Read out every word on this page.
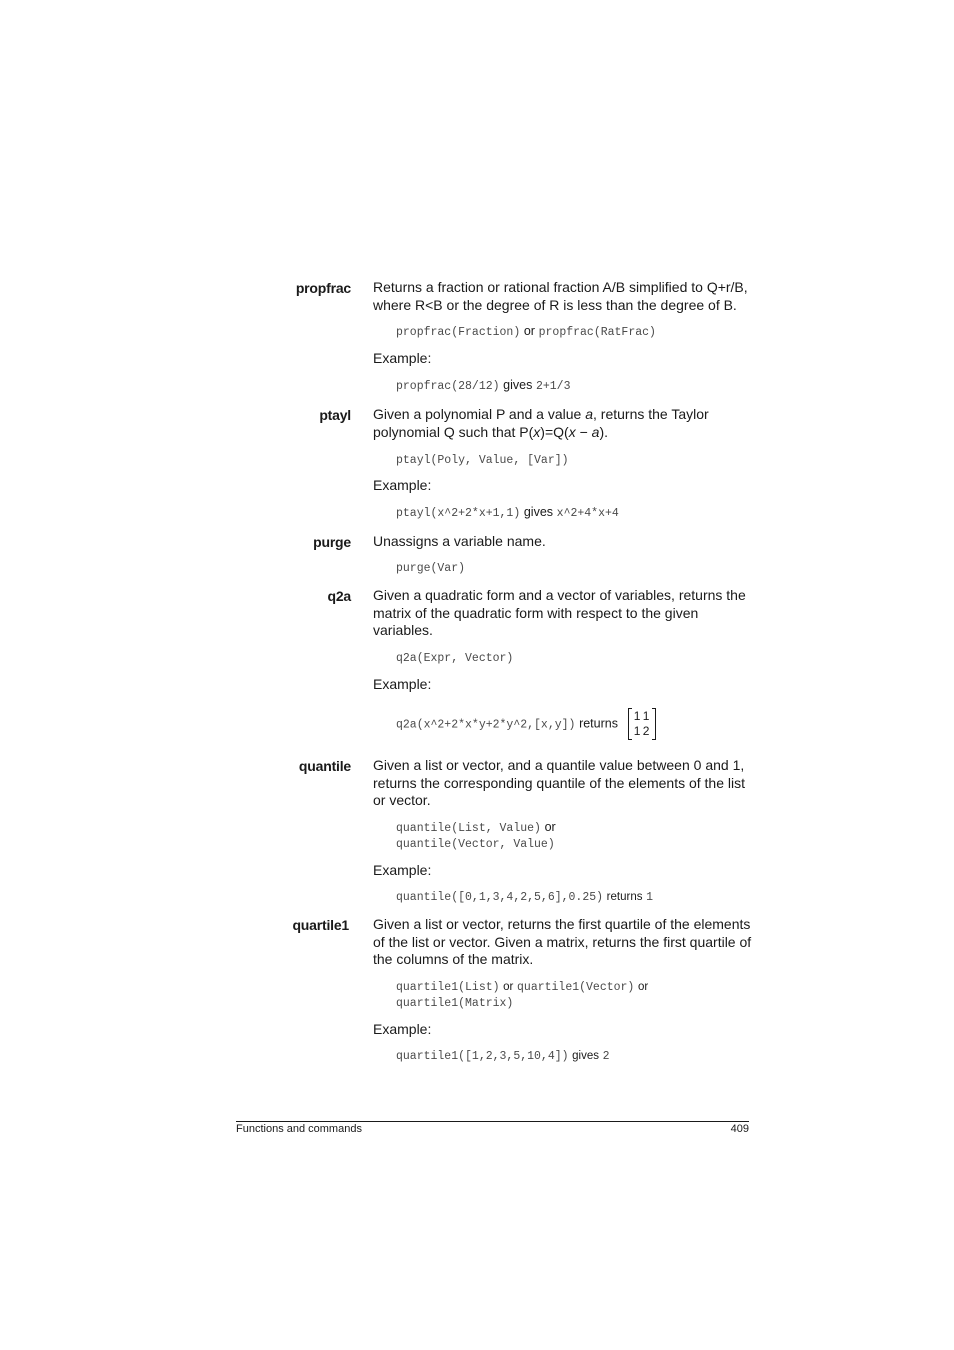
propfrac Returns a fraction or rational fraction A/B simplified to Q+r/B, where R<B or the degree of R is less than the degree of B.
propfrac(Fraction) or propfrac(RatFrac)
Example:
propfrac(28/12) gives 2+1/3
ptayl Given a polynomial P and a value a, returns the Taylor polynomial Q such that P(x)=Q(x − a).
ptayl(Poly, Value, [Var])
Example:
ptayl(x^2+2*x+1,1) gives x^2+4*x+4
purge Unassigns a variable name.
purge(Var)
q2a Given a quadratic form and a vector of variables, returns the matrix of the quadratic form with respect to the given variables.
q2a(Expr, Vector)
Example:
q2a(x^2+2*x*y+2*y^2,[x,y]) returns
1 1
1 2
quantile Given a list or vector, and a quantile value between 0 and 1, returns the corresponding quantile of the elements of the list or vector.
quantile(List, Value) or
quantile(Vector, Value)
Example:
quantile([0,1,3,4,2,5,6],0.25) returns 1
quartile1 Given a list or vector, returns the first quartile of the elements of the list or vector. Given a matrix, returns the first quartile of the columns of the matrix.
quartile1(List) or quartile1(Vector) or
quartile1(Matrix)
Example:
quartile1([1,2,3,5,10,4]) gives 2
Functions and commands	409
